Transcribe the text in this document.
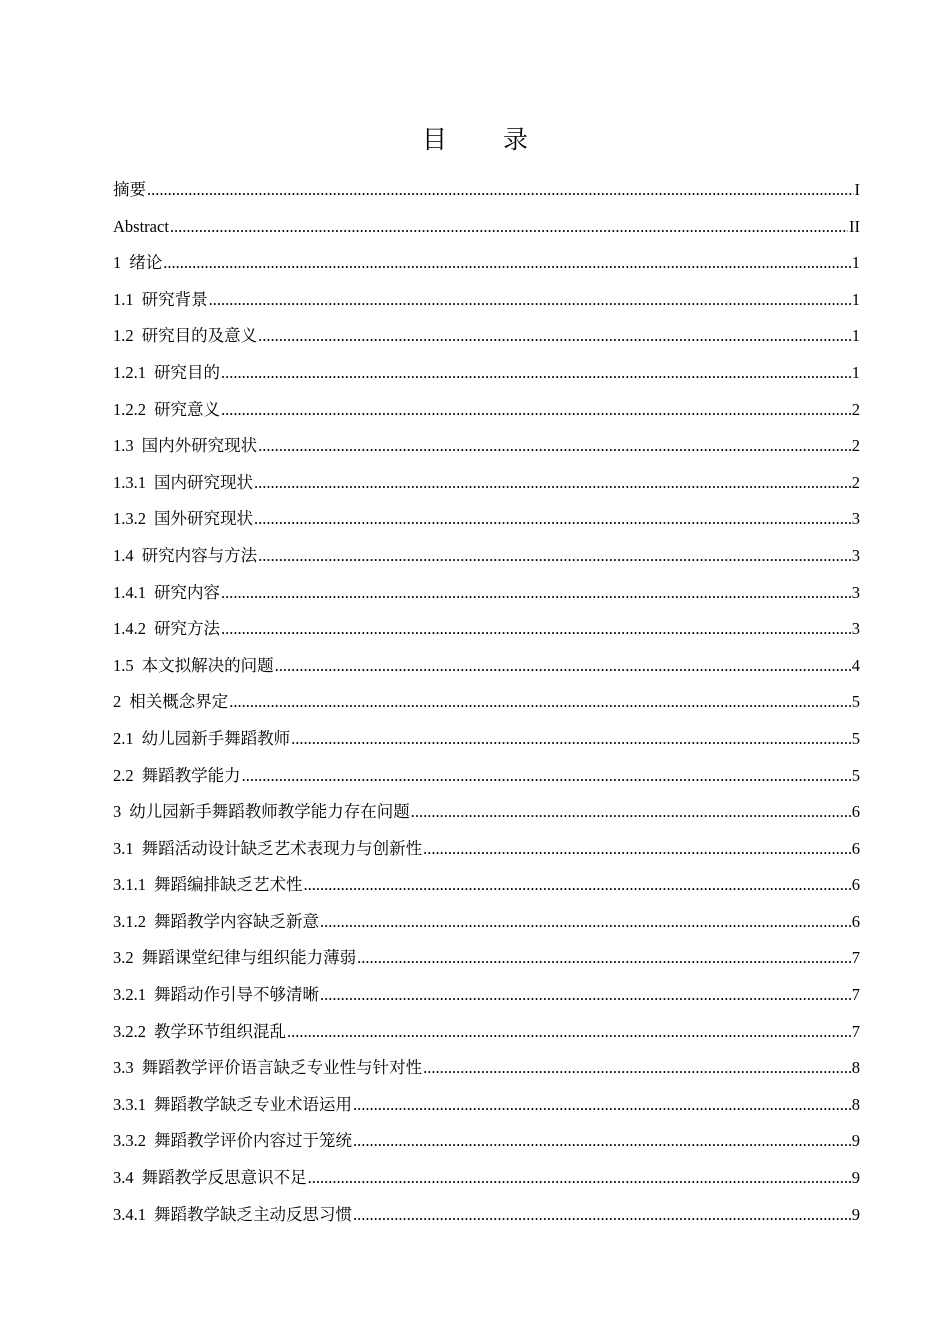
目 录
摘要 .....	I
Abstract .....	II
1 绪论 .....	1
1.1 研究背景 .....	1
1.2 研究目的及意义 .....	1
1.2.1 研究目的 .....	1
1.2.2 研究意义 .....	2
1.3 国内外研究现状 .....	2
1.3.1 国内研究现状 .....	2
1.3.2 国外研究现状 .....	3
1.4 研究内容与方法 .....	3
1.4.1 研究内容 .....	3
1.4.2 研究方法 .....	3
1.5 本文拟解决的问题 .....	4
2 相关概念界定 .....	5
2.1 幼儿园新手舞蹈教师 .....	5
2.2 舞蹈教学能力 .....	5
3 幼儿园新手舞蹈教师教学能力存在问题 .....	6
3.1 舞蹈活动设计缺乏艺术表现力与创新性 .....	6
3.1.1 舞蹈编排缺乏艺术性 .....	6
3.1.2 舞蹈教学内容缺乏新意 .....	6
3.2 舞蹈课堂纪律与组织能力薄弱 .....	7
3.2.1 舞蹈动作引导不够清晰 .....	7
3.2.2 教学环节组织混乱 .....	7
3.3 舞蹈教学评价语言缺乏专业性与针对性 .....	8
3.3.1 舞蹈教学缺乏专业术语运用 .....	8
3.3.2 舞蹈教学评价内容过于笼统 .....	9
3.4 舞蹈教学反思意识不足 .....	9
3.4.1 舞蹈教学缺乏主动反思习惯 .....	9
